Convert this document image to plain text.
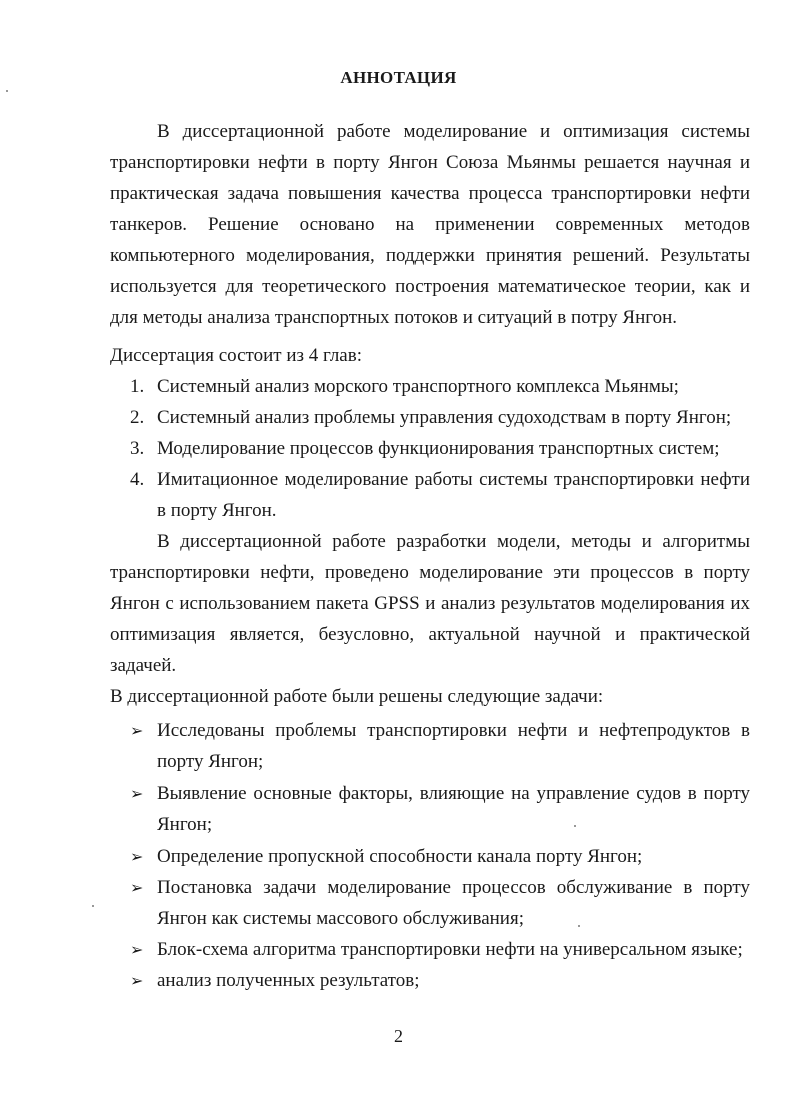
АННОТАЦИЯ

В диссертационной работе моделирование и оптимизация системы транспортировки нефти в порту Янгон Союза Мьянмы решается научная и практическая задача повышения качества процесса транспортировки нефти танкеров. Решение основано на применении современных методов компьютерного моделирования, поддержки принятия решений. Результаты используется для теоретического построения математическое теории, как и для методы анализа транспортных потоков и ситуаций в потру Янгон.

Диссертация состоит из 4 глав:
1. Системный анализ морского транспортного комплекса Мьянмы;
2. Системный анализ проблемы управления судоходствам в порту Янгон;
3. Моделирование процессов функционирования транспортных систем;
4. Имитационное моделирование работы системы транспортировки нефти в порту Янгон.

В диссертационной работе разработки модели, методы и алгоритмы транспортировки нефти, проведено моделирование эти процессов в порту Янгон с использованием пакета GPSS и анализ результатов моделирования их оптимизация является, безусловно, актуальной научной и практической задачей.

В диссертационной работе были решены следующие задачи:
➢ Исследованы проблемы транспортировки нефти и нефтепродуктов в порту Янгон;
➢ Выявление основные факторы, влияющие на управление судов в порту Янгон;
➢ Определение пропускной способности канала порту Янгон;
➢ Постановка задачи моделирование процессов обслуживание в порту Янгон как системы массового обслуживания;
➢ Блок-схема алгоритма транспортировки нефти на универсальном языке;
➢ анализ полученных результатов;
2
